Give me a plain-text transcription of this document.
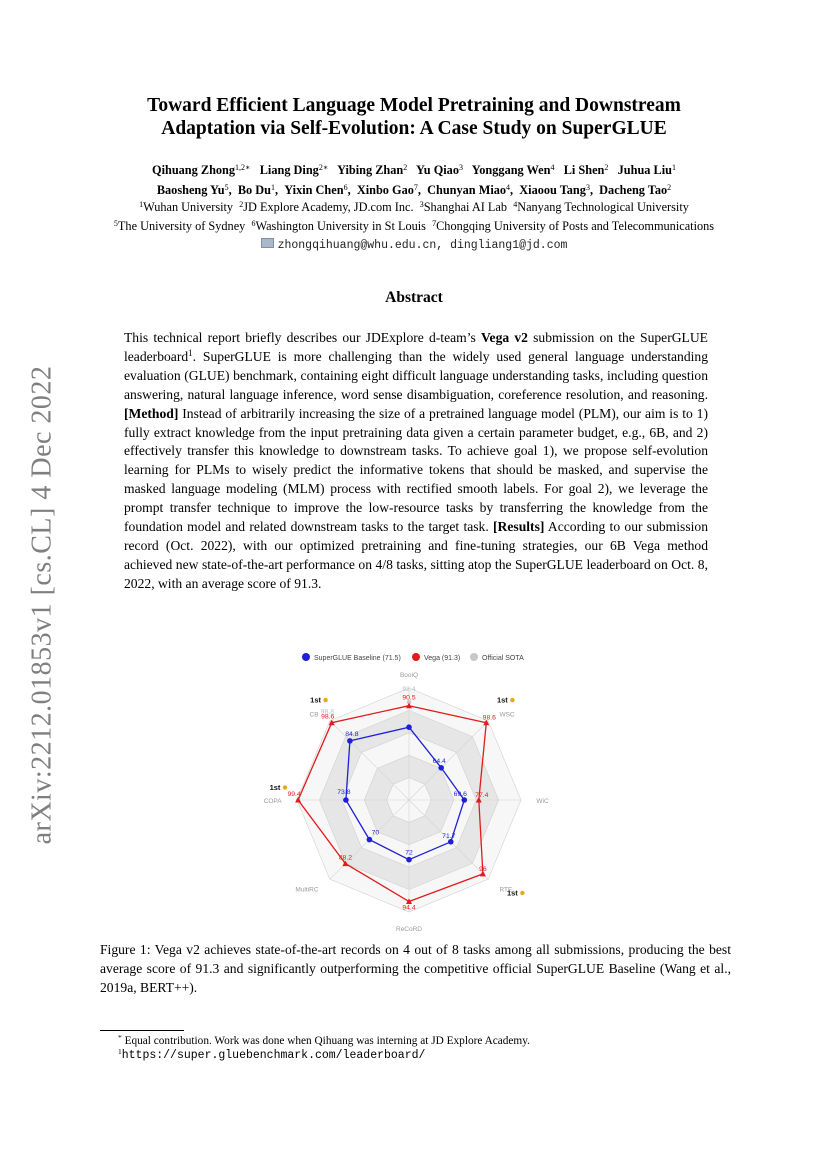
arXiv:2212.01853v1 [cs.CL] 4 Dec 2022
Toward Efficient Language Model Pretraining and Downstream
Adaptation via Self-Evolution: A Case Study on SuperGLUE
Qihuang Zhong$^{1,2∗}$  Liang Ding$^{2∗}$  Yibing Zhan$^2$  Yu Qiao$^3$  Yonggang Wen$^4$  Li Shen$^2$  Juhua Liu$^1$
Baosheng Yu$^5$, Bo Du$^1$, Yixin Chen$^6$, Xinbo Gao$^7$, Chunyan Miao$^4$, Xiaoou Tang$^3$, Dacheng Tao$^2$
$^1$Wuhan University  $^2$JD Explore Academy, JD.com Inc.  $^3$Shanghai AI Lab  $^4$Nanyang Technological University
$^5$The University of Sydney  $^6$Washington University in St Louis  $^7$Chongqing University of Posts and Telecommunications
zhongqihuang@whu.edu.cn, dingliang1@jd.com
Abstract
This technical report briefly describes our JDExplore d-team’s Vega v2 submission on the SuperGLUE leaderboard$^1$. SuperGLUE is more challenging than the widely used general language understanding evaluation (GLUE) benchmark, containing eight difficult language understanding tasks, including question answering, natural language inference, word sense disambiguation, coreference resolution, and reasoning. [Method] Instead of arbitrarily increasing the size of a pretrained language model (PLM), our aim is to 1) fully extract knowledge from the input pretraining data given a certain parameter budget, e.g., 6B, and 2) effectively transfer this knowledge to downstream tasks. To achieve goal 1), we propose self-evolution learning for PLMs to wisely predict the informative tokens that should be masked, and supervise the masked language modeling (MLM) process with rectified smooth labels. For goal 2), we leverage the prompt transfer technique to improve the low-resource tasks by transferring the knowledge from the foundation model and related downstream tasks to the target task. [Results] According to our submission record (Oct. 2022), with our optimized pretraining and fine-tuning strategies, our 6B Vega method achieved new state-of-the-art performance on 4/8 tasks, sitting atop the SuperGLUE leaderboard on Oct. 8, 2022, with an average score of 91.3.
BoolQ
WSC
WiC
RTE
ReCoRD
MultiRC
COPA
CB
92.4
98.8
64.4
69.6
71.7
72
70
73.8
84.8
90.5
98.6
77.4
96
94.4
88.2
99.4
98.6
1st	1st
1st
1st
SuperGLUE Baseline (71.5)	Vega (91.3)	Official SOTA
Figure 1: Vega v2 achieves state-of-the-art records on 4 out of 8 tasks among all submissions, producing the best average score of 91.3 and significantly outperforming the competitive official SuperGLUE Baseline (Wang et al., 2019a, BERT++).
* Equal contribution. Work was done when Qihuang was interning at JD Explore Academy.
$^1$https://super.gluebenchmark.com/leaderboard/
